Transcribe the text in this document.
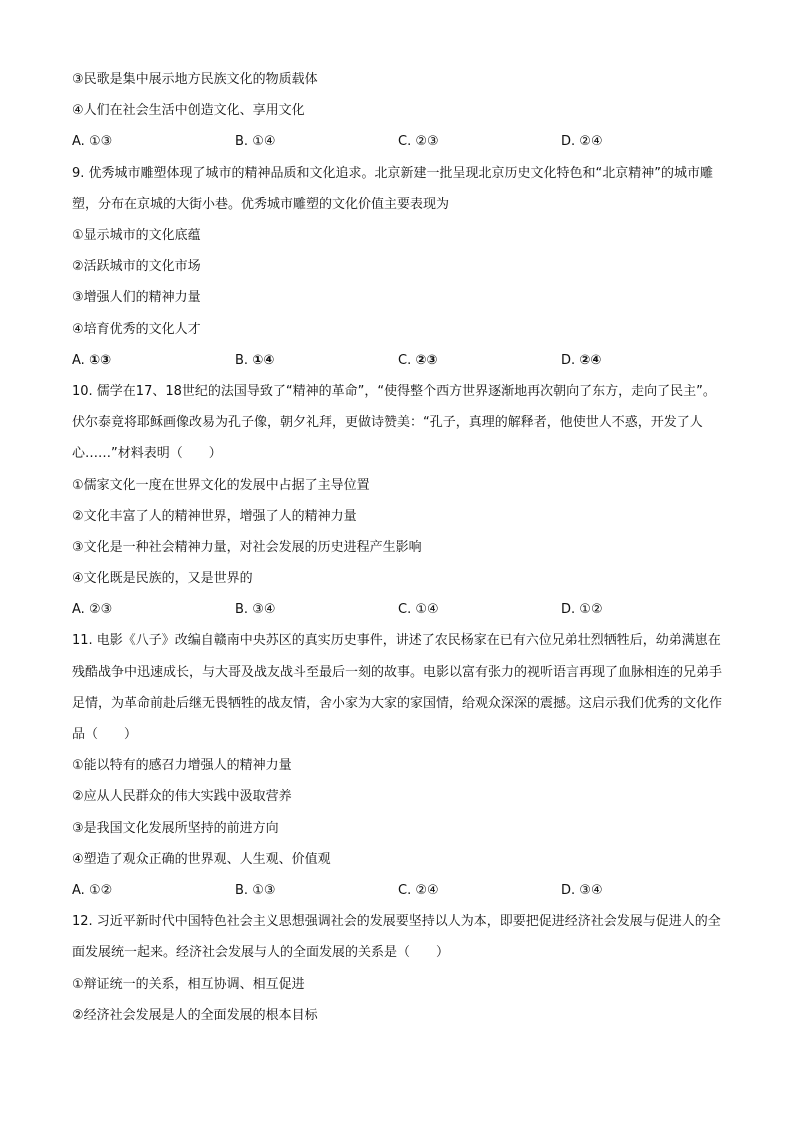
③民歌是集中展示地方民族文化的物质载体
④人们在社会生活中创造文化、享用文化
A. ①③	B. ①④	C. ②③	D. ②④
9. 优秀城市雕塑体现了城市的精神品质和文化追求。北京新建一批呈现北京历史文化特色和“北京精神”的城市雕塑，分布在京城的大街小巷。优秀城市雕塑的文化价值主要表现为
①显示城市的文化底蕴
②活跃城市的文化市场
③增强人们的精神力量
④培育优秀的文化人才
A. ①③	B. ①④	C. ②③	D. ②④
10. 儒学在17、18世纪的法国导致了“精神的革命”，“使得整个西方世界逐渐地再次朝向了东方，走向了民主”。伏尔泰竟将耶稣画像改易为孔子像，朝夕礼拜，更做诗赞美：“孔子，真理的解释者，他使世人不惑，开发了人心……”材料表明（　　）
①儒家文化一度在世界文化的发展中占据了主导位置
②文化丰富了人的精神世界，增强了人的精神力量
③文化是一种社会精神力量，对社会发展的历史进程产生影响
④文化既是民族的，又是世界的
A. ②③	B. ③④	C. ①④	D. ①②
11. 电影《八子》改编自赣南中央苏区的真实历史事件，讲述了农民杨家在已有六位兄弟壮烈牺牲后，幼弟满崽在残酷战争中迅速成长，与大哥及战友战斗至最后一刻的故事。电影以富有张力的视听语言再现了血脉相连的兄弟手足情，为革命前赴后继无畏牺牲的战友情，舍小家为大家的家国情，给观众深深的震撼。这启示我们优秀的文化作品（　　）
①能以特有的感召力增强人的精神力量
②应从人民群众的伟大实践中汲取营养
③是我国文化发展所坚持的前进方向
④塑造了观众正确的世界观、人生观、价值观
A. ①②	B. ①③	C. ②④	D. ③④
12. 习近平新时代中国特色社会主义思想强调社会的发展要坚持以人为本，即要把促进经济社会发展与促进人的全面发展统一起来。经济社会发展与人的全面发展的关系是（　　）
①辩证统一的关系，相互协调、相互促进
②经济社会发展是人的全面发展的根本目标
